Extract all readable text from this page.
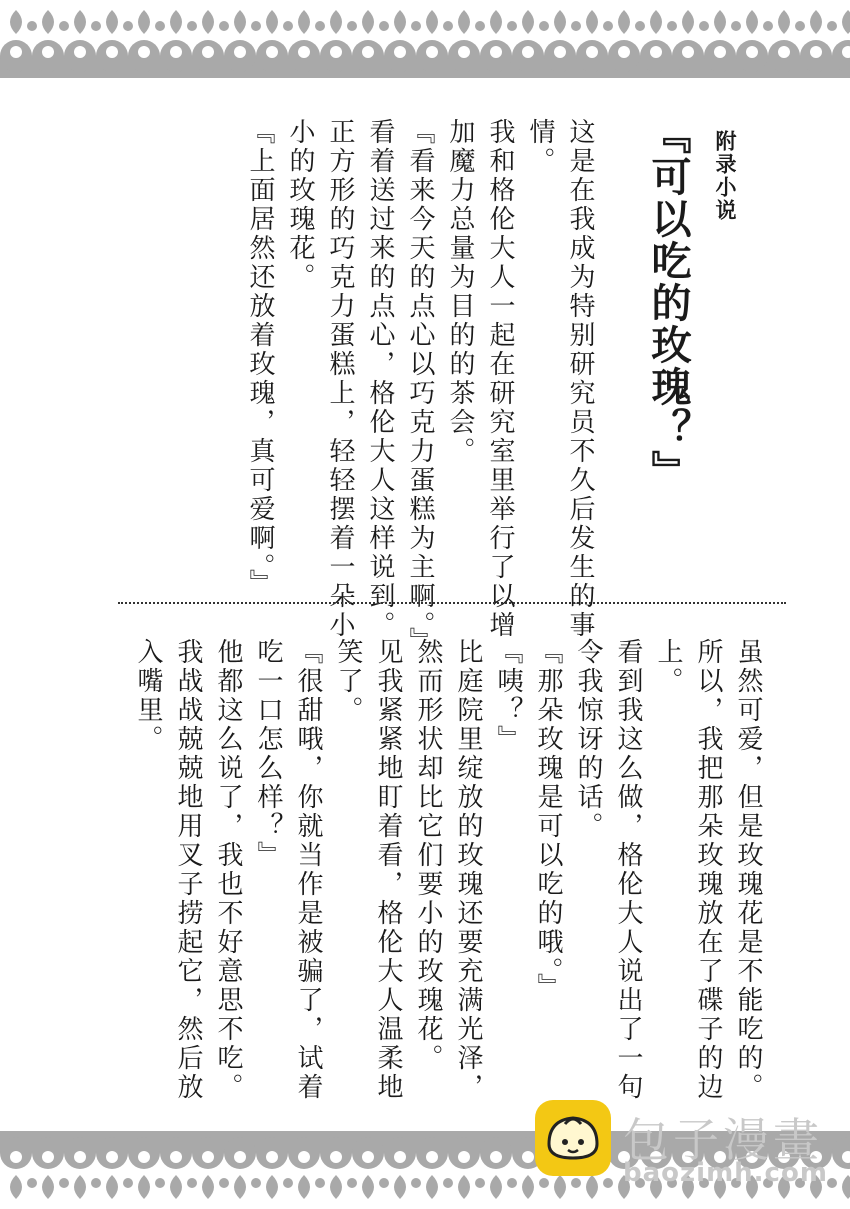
附录小说
『可以吃的玫瑰？』
这是在我成为特别研究员不久后发生的事
情。
我和格伦大人一起在研究室里举行了以增
加魔力总量为目的的茶会。
『看来今天的点心以巧克力蛋糕为主啊。』
看着送过来的点心，格伦大人这样说到。
正方形的巧克力蛋糕上，轻轻摆着一朵小
小的玫瑰花。
『上面居然还放着玫瑰，真可爱啊。』
虽然可爱，但是玫瑰花是不能吃的。
所以，我把那朵玫瑰放在了碟子的边
上。
看到我这么做，格伦大人说出了一句
令我惊讶的话。
『那朵玫瑰是可以吃的哦。』
『咦？』
比庭院里绽放的玫瑰还要充满光泽，
然而形状却比它们要小的玫瑰花。
见我紧紧地盯着看，格伦大人温柔地
笑了。
『很甜哦，你就当作是被骗了，试着
吃一口怎么样？』
他都这么说了，我也不好意思不吃。
我战战兢兢地用叉子捞起它，然后放
入嘴里。
包子漫畫
baozimh.com
